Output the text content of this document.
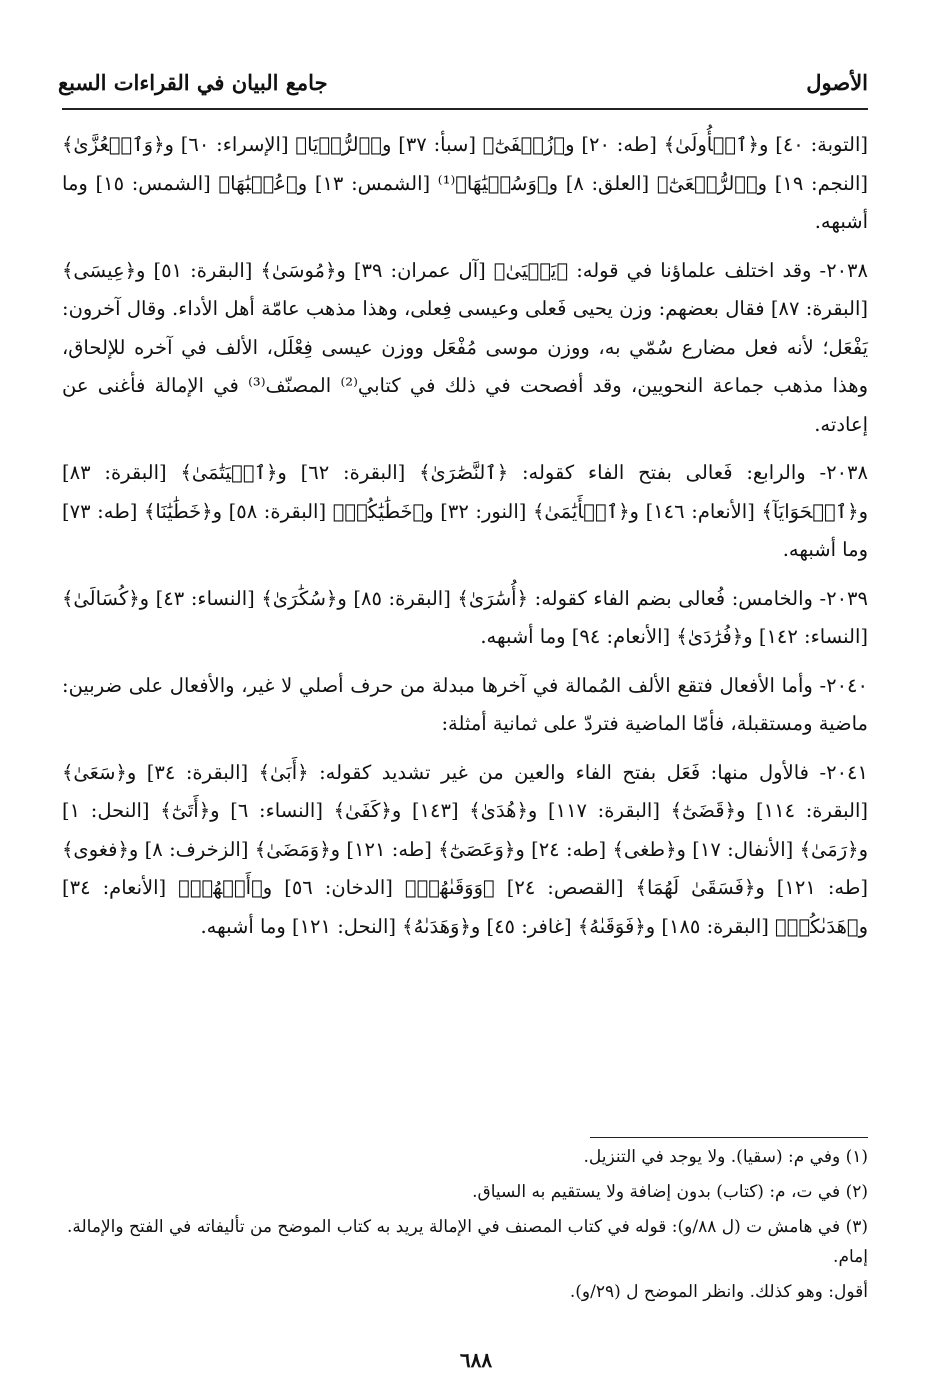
الأصول
جامع البيان في القراءات السبع

[التوبة: ٤٠] و﴿ٱلۡأُولَىٰ﴾ [طه: ٢٠] و﴿زُلۡفَىٰٓ﴾ [سبأ: ٣٧] و﴿ٱلرُّءۡيَا﴾ [الإسراء: ٦٠] و﴿وَٱلۡعُزَّىٰ﴾ [النجم: ١٩] و﴿ٱلرُّجۡعَىٰٓ﴾ [العلق: ٨] و﴿وَسُقۡيَٰهَا﴾⁽¹⁾ [الشمس: ١٣] و﴿عُقۡبَٰهَا﴾ [الشمس: ١٥] وما أشبهه.

٢٠٣٨- وقد اختلف علماؤنا في قوله: ﴿يَحۡيَىٰ﴾ [آل عمران: ٣٩] و﴿مُوسَىٰ﴾ [البقرة: ٥١] و﴿عِيسَى﴾ [البقرة: ٨٧] فقال بعضهم: وزن يحيى فَعلى وعيسى فِعلى، وهذا مذهب عامّة أهل الأداء. وقال آخرون: يَفْعَل؛ لأنه فعل مضارع سُمّي به، ووزن موسى مُفْعَل ووزن عيسى فِعْلَل، الألف في آخره للإلحاق، وهذا مذهب جماعة النحويين، وقد أفصحت في ذلك في كتابي⁽²⁾ المصنّف⁽³⁾ في الإمالة فأغنى عن إعادته.

٢٠٣٨- والرابع: فَعالى بفتح الفاء كقوله: ﴿ٱلنَّصَٰرَىٰ﴾ [البقرة: ٦٢] و﴿ٱلۡيَتَٰمَىٰ﴾ [البقرة: ٨٣] و﴿ٱلۡحَوَايَآ﴾ [الأنعام: ١٤٦] و﴿ٱلۡأَيَٰمَىٰ﴾ [النور: ٣٢] و﴿خَطَٰيَٰكُمۡ﴾ [البقرة: ٥٨] و﴿خَطَٰيَٰنَا﴾ [طه: ٧٣] وما أشبهه.

٢٠٣٩- والخامس: فُعالى بضم الفاء كقوله: ﴿أُسَٰرَىٰ﴾ [البقرة: ٨٥] و﴿سُكَٰرَىٰ﴾ [النساء: ٤٣] و﴿كُسَالَىٰ﴾ [النساء: ١٤٢] و﴿فُرَٰدَىٰ﴾ [الأنعام: ٩٤] وما أشبهه.

٢٠٤٠- وأما الأفعال فتقع الألف المُمالة في آخرها مبدلة من حرف أصلي لا غير، والأفعال على ضربين: ماضية ومستقبلة، فأمّا الماضية فتردّ على ثمانية أمثلة:

٢٠٤١- فالأول منها: فَعَل بفتح الفاء والعين من غير تشديد كقوله: ﴿أَبَىٰ﴾ [البقرة: ٣٤] و﴿سَعَىٰ﴾ [البقرة: ١١٤] و﴿قَضَىٰٓ﴾ [البقرة: ١١٧] و﴿هُدَىٰ﴾ [١٤٣] و﴿كَفَىٰ﴾ [النساء: ٦] و﴿أَتَىٰٓ﴾ [النحل: ١] و﴿رَمَىٰ﴾ [الأنفال: ١٧] و﴿طغى﴾ [طه: ٢٤] و﴿وَعَصَىٰٓ﴾ [طه: ١٢١] و﴿وَمَضَىٰ﴾ [الزخرف: ٨] و﴿فغوى﴾ [طه: ١٢١] و﴿فَسَقَىٰ لَهُمَا﴾ [القصص: ٢٤] ﴿وَوَقَىٰهُمۡ﴾ [الدخان: ٥٦] و﴿أَنۡهُمۡ﴾ [الأنعام: ٣٤] و﴿هَدَىٰكُمۡ﴾ [البقرة: ١٨٥] و﴿فَوَقَىٰهُ﴾ [غافر: ٤٥] و﴿وَهَدَىٰهُ﴾ [النحل: ١٢١] وما أشبهه.

(١) وفي م: (سقيا). ولا يوجد في التنزيل.

(٢) في ت، م: (كتاب) بدون إضافة ولا يستقيم به السياق.

(٣) في هامش ت (ل ٨٨/و): قوله في كتاب المصنف في الإمالة يريد به كتاب الموضح من تأليفاته في الفتح والإمالة. إمام.

أقول: وهو كذلك. وانظر الموضح ل (٢٩/و).

٦٨٨
